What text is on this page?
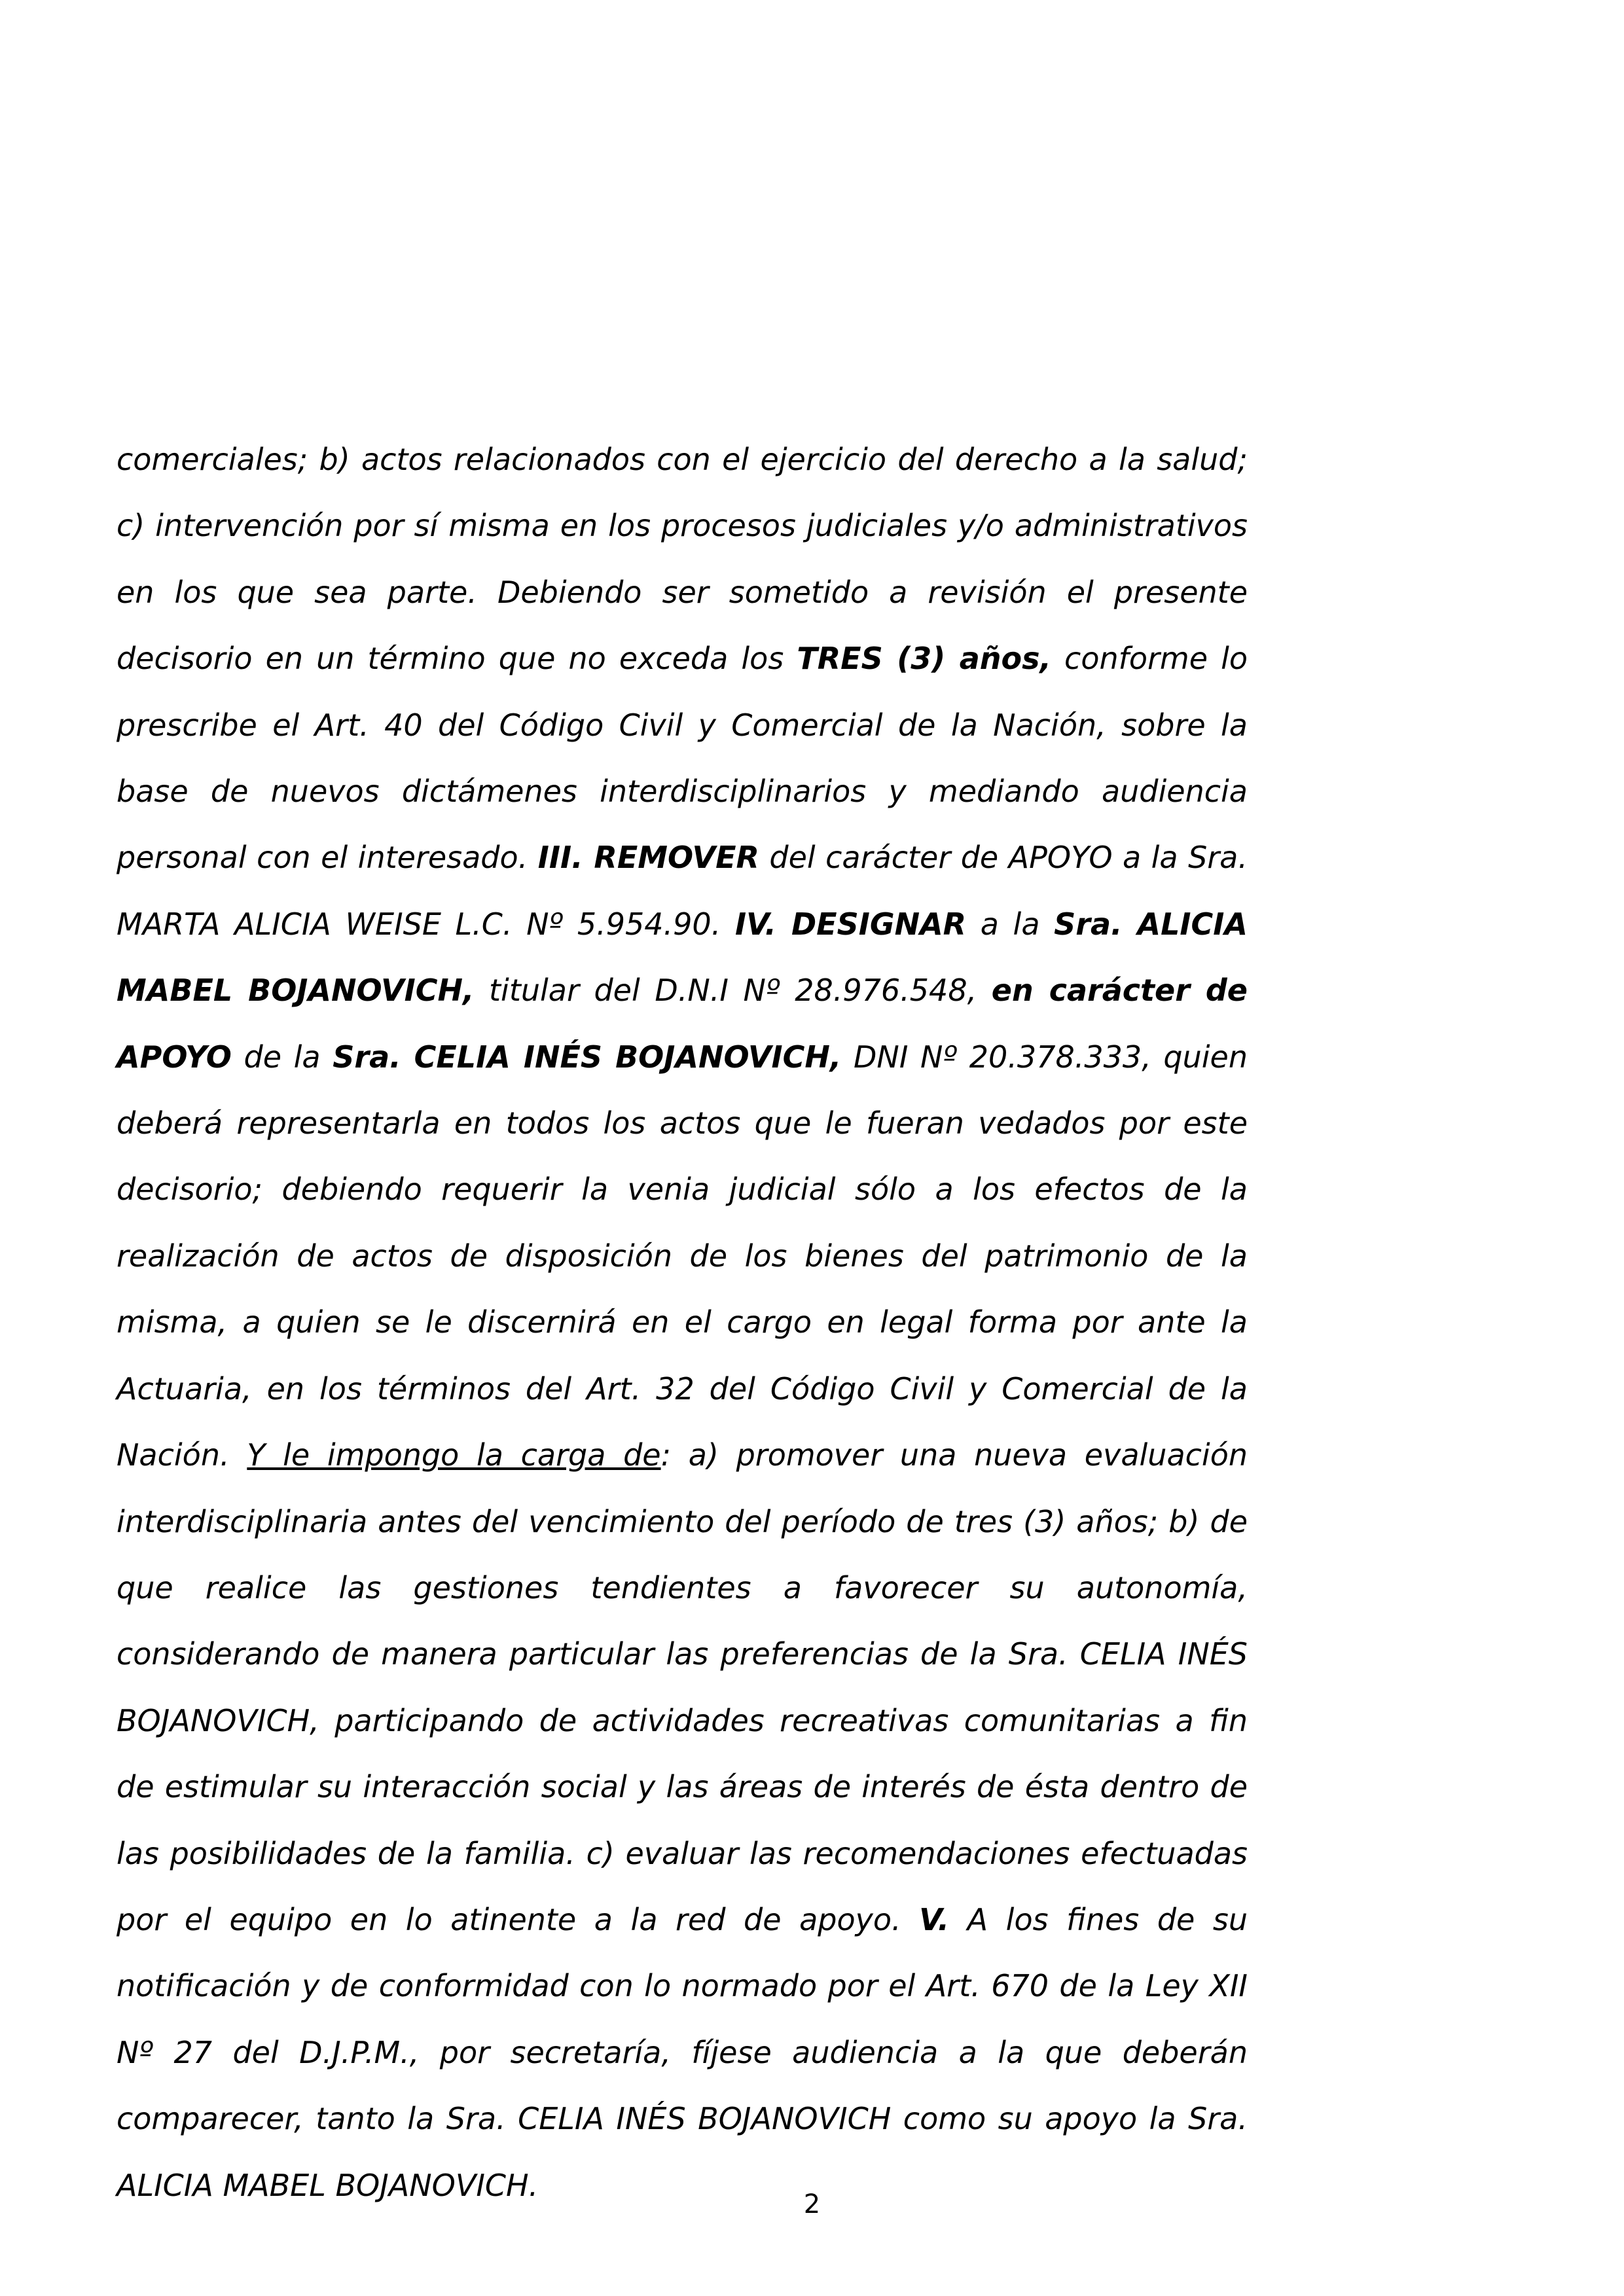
comerciales; b) actos relacionados con el ejercicio del derecho a la salud; c) intervención por sí misma en los procesos judiciales y/o administrativos en los que sea parte. Debiendo ser sometido a revisión el presente decisorio en un término que no exceda los TRES (3) años, conforme lo prescribe el Art. 40 del Código Civil y Comercial de la Nación, sobre la base de nuevos dictámenes interdisciplinarios y mediando audiencia personal con el interesado. III. REMOVER del carácter de APOYO a la Sra. MARTA ALICIA WEISE L.C. Nº 5.954.90. IV. DESIGNAR a la Sra. ALICIA MABEL BOJANOVICH, titular del D.N.I Nº 28.976.548, en carácter de APOYO de la Sra. CELIA INÉS BOJANOVICH, DNI Nº 20.378.333, quien deberá representarla en todos los actos que le fueran vedados por este decisorio; debiendo requerir la venia judicial sólo a los efectos de la realización de actos de disposición de los bienes del patrimonio de la misma, a quien se le discernirá en el cargo en legal forma por ante la Actuaria, en los términos del Art. 32 del Código Civil y Comercial de la Nación. Y le impongo la carga de: a) promover una nueva evaluación interdisciplinaria antes del vencimiento del período de tres (3) años; b) de que realice las gestiones tendientes a favorecer su autonomía, considerando de manera particular las preferencias de la Sra. CELIA INÉS BOJANOVICH, participando de actividades recreativas comunitarias a fin de estimular su interacción social y las áreas de interés de ésta dentro de las posibilidades de la familia. c) evaluar las recomendaciones efectuadas por el equipo en lo atinente a la red de apoyo. V. A los fines de su notificación y de conformidad con lo normado por el Art. 670 de la Ley XII Nº 27 del D.J.P.M., por secretaría, fíjese audiencia a la que deberán comparecer, tanto la Sra. CELIA INÉS BOJANOVICH como su apoyo la Sra. ALICIA MABEL BOJANOVICH.

2
